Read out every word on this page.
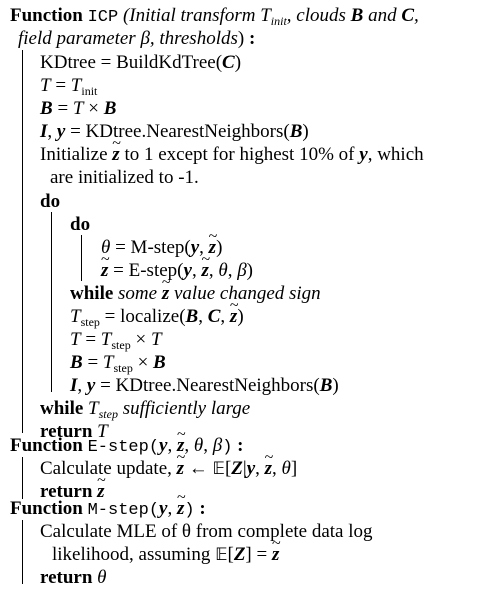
Function ICP (Initial transform $T_{init}$, clouds B and C,
field parameter β, thresholds) :
KDtree = BuildKdTree(C)
$T = T_{init}$
B = T × B
I, y = KDtree.NearestNeighbors(B)
Initialize ~ z to 1 except for highest 10% of y, which
are initialized to -1.
do
do
θ = M-step(y, ~ z)
~ z = E-step(y, ~ z, θ, β)
while some ~ z value changed sign
$T_{step}$ = localize(B, C, ~ z)
$T = T_{step} \times T$
$B = T_{step} \times B$
I, y = KDtree.NearestNeighbors(B)
while $T_{step}$ sufficiently large
return T
Function E-step(y, ~ z, θ, β) :
Calculate update, ~ z ← 𝔼[Z|y, ~ z, θ]
return ~ z
Function M-step(y, ~ z) :
Calculate MLE of θ from complete data log
likelihood, assuming 𝔼[Z] = ~ z
return θ
